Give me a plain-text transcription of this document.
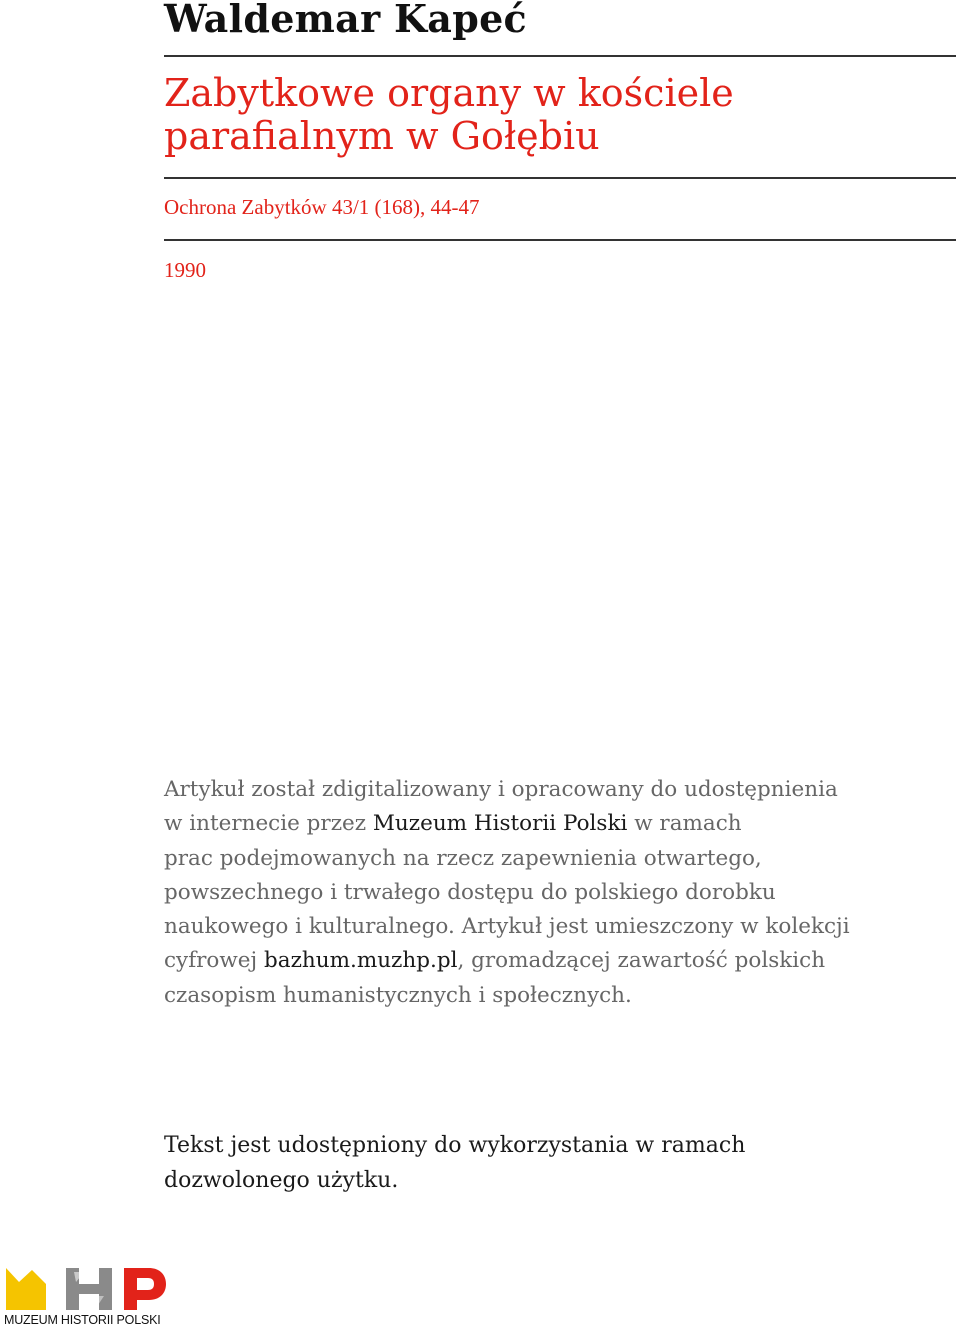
Waldemar Kapeć
Zabytkowe organy w kościele
parafialnym w Gołębiu
Ochrona Zabytków 43/1 (168), 44-47
1990
Artykuł został zdigitalizowany i opracowany do udostępnienia
w internecie przez Muzeum Historii Polski w ramach
prac podejmowanych na rzecz zapewnienia otwartego,
powszechnego i trwałego dostępu do polskiego dorobku
naukowego i kulturalnego. Artykuł jest umieszczony w kolekcji
cyfrowej bazhum.muzhp.pl, gromadzącej zawartość polskich
czasopism humanistycznych i społecznych.
Tekst jest udostępniony do wykorzystania w ramach
dozwolonego użytku.
MUZEUM HISTORII POLSKI
